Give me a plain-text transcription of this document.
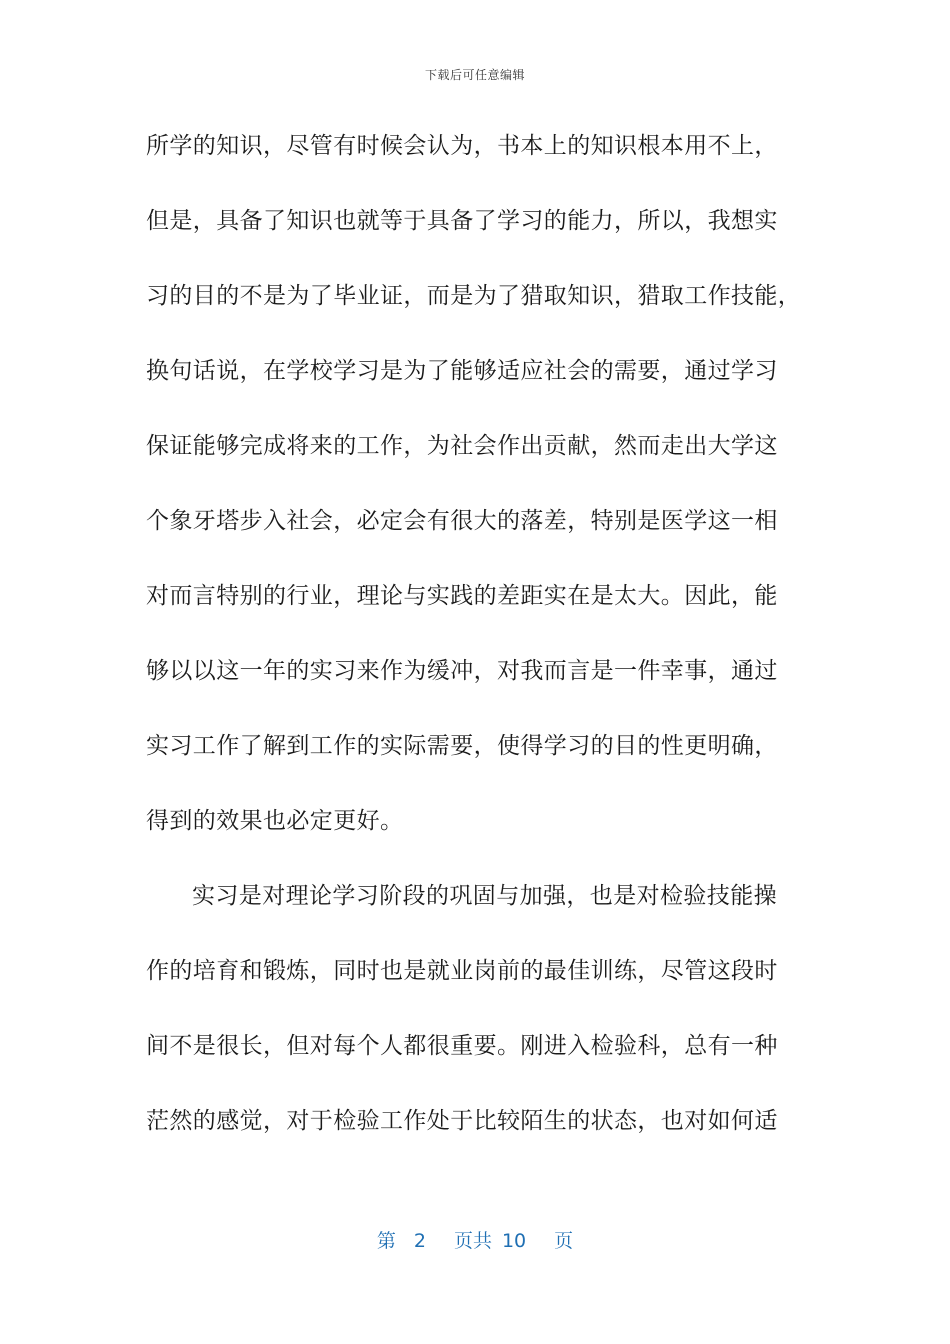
下载后可任意编辑
所学的知识，尽管有时候会认为，书本上的知识根本用不上，
但是，具备了知识也就等于具备了学习的能力，所以，我想实
习的目的不是为了毕业证，而是为了猎取知识，猎取工作技能，
换句话说，在学校学习是为了能够适应社会的需要，通过学习
保证能够完成将来的工作，为社会作出贡献，然而走出大学这
个象牙塔步入社会，必定会有很大的落差，特别是医学这一相
对而言特别的行业，理论与实践的差距实在是太大。因此，能
够以以这一年的实习来作为缓冲，对我而言是一件幸事，通过
实习工作了解到工作的实际需要，使得学习的目的性更明确，
得到的效果也必定更好。
实习是对理论学习阶段的巩固与加强，也是对检验技能操
作的培育和锻炼，同时也是就业岗前的最佳训练，尽管这段时
间不是很长，但对每个人都很重要。刚进入检验科，总有一种
茫然的感觉，对于检验工作处于比较陌生的状态，也对如何适
第 2 页共 10 页
